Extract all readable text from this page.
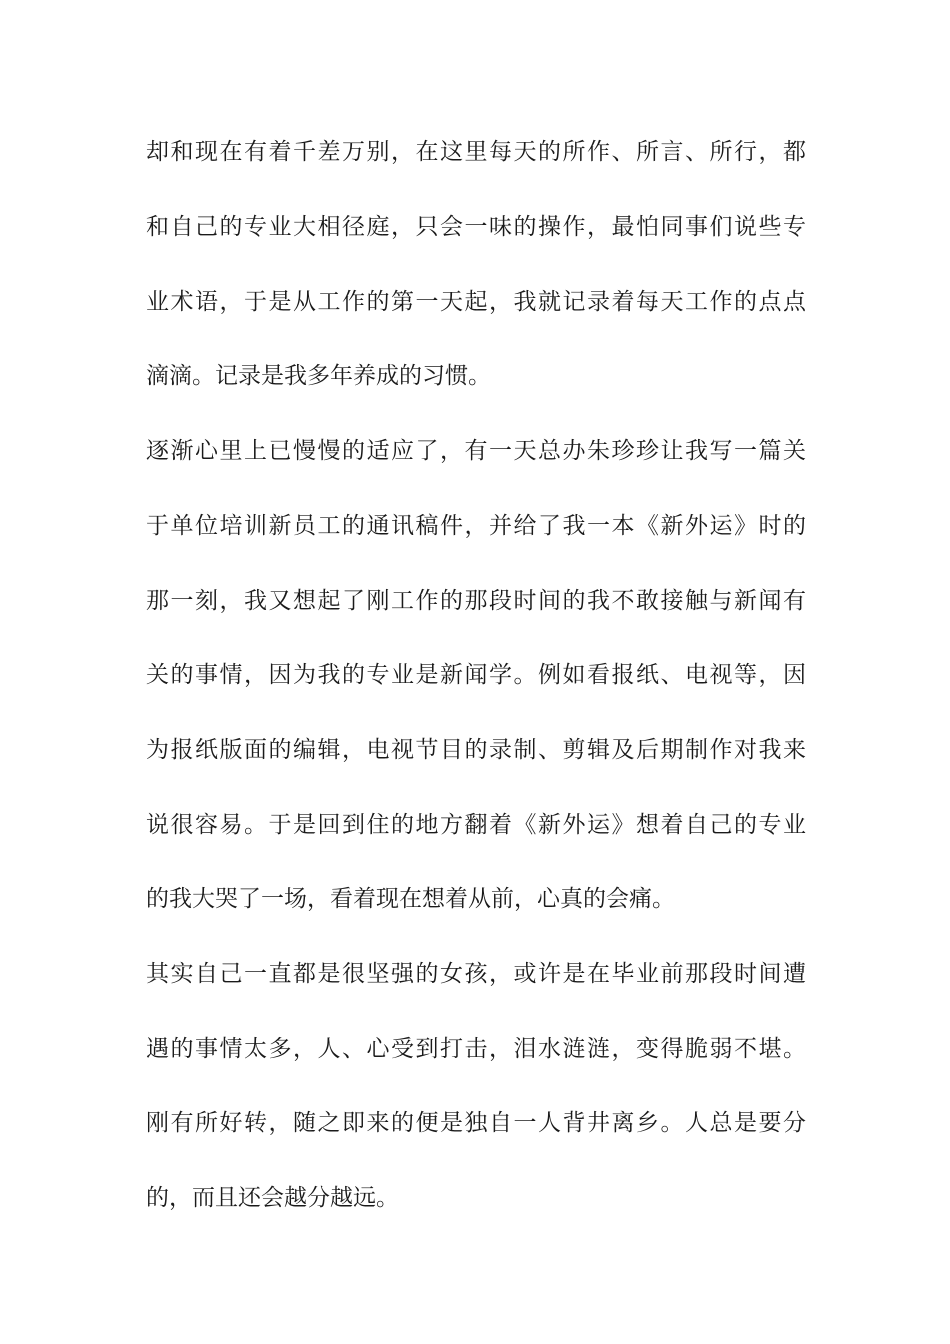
却和现在有着千差万别，在这里每天的所作、所言、所行，都
和自己的专业大相径庭，只会一味的操作，最怕同事们说些专
业术语，于是从工作的第一天起，我就记录着每天工作的点点
滴滴。记录是我多年养成的习惯。
逐渐心里上已慢慢的适应了，有一天总办朱珍珍让我写一篇关
于单位培训新员工的通讯稿件，并给了我一本《新外运》时的
那一刻，我又想起了刚工作的那段时间的我不敢接触与新闻有
关的事情，因为我的专业是新闻学。例如看报纸、电视等，因
为报纸版面的编辑，电视节目的录制、剪辑及后期制作对我来
说很容易。于是回到住的地方翻着《新外运》想着自己的专业
的我大哭了一场，看着现在想着从前，心真的会痛。
其实自己一直都是很坚强的女孩，或许是在毕业前那段时间遭
遇的事情太多，人、心受到打击，泪水涟涟，变得脆弱不堪。
刚有所好转，随之即来的便是独自一人背井离乡。人总是要分
的，而且还会越分越远。
